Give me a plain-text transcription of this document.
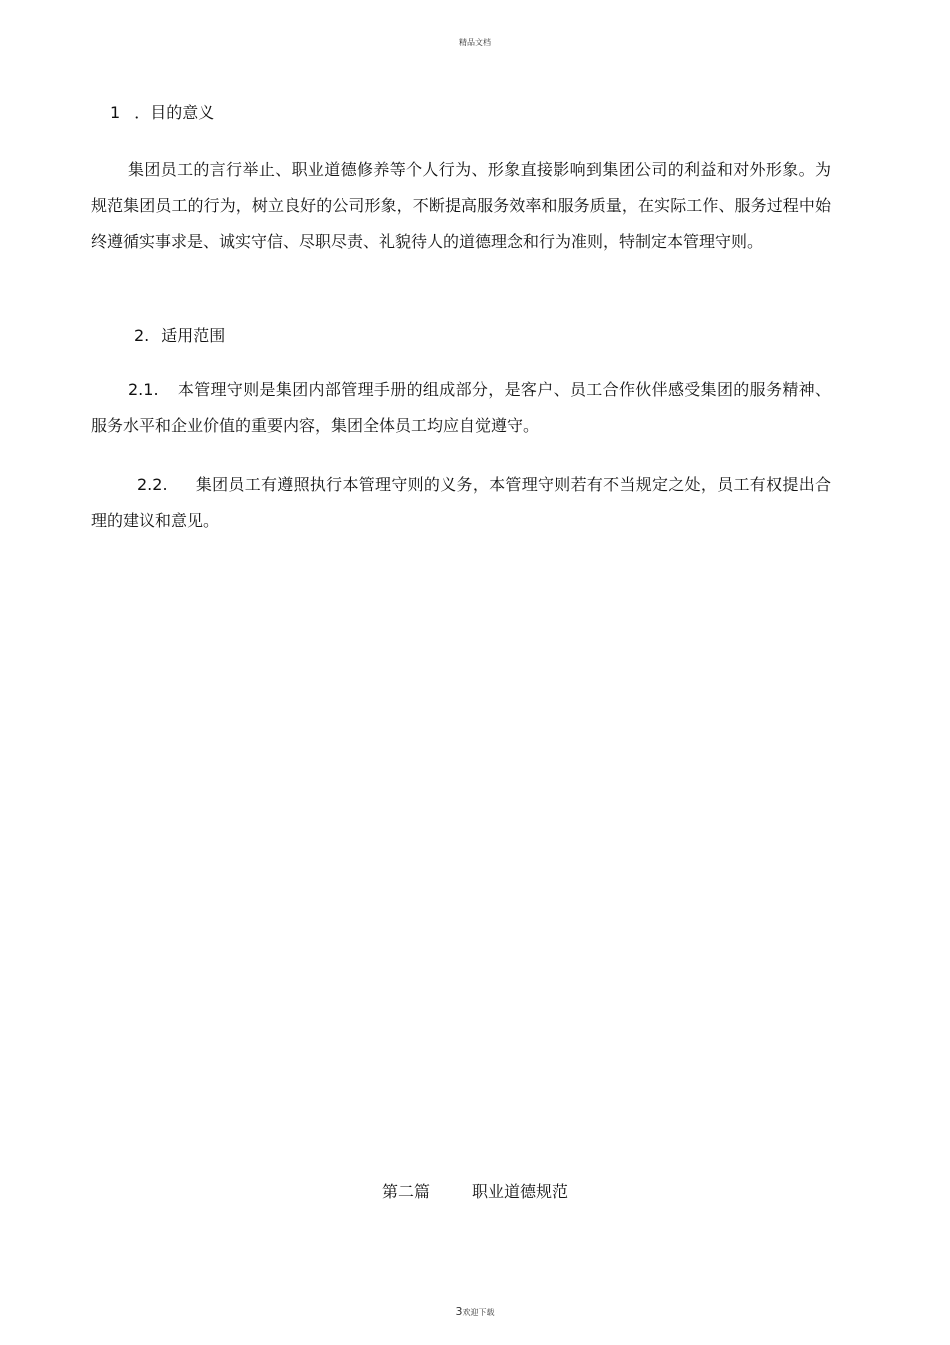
精品文档
1 ．目的意义
集团员工的言行举止、职业道德修养等个人行为、形象直接影响到集团公司的利益和对外形象。为规范集团员工的行为，树立良好的公司形象，不断提高服务效率和服务质量，在实际工作、服务过程中始终遵循实事求是、诚实守信、尽职尽责、礼貌待人的道德理念和行为准则，特制定本管理守则。
2. 适用范围
2.1. 本管理守则是集团内部管理手册的组成部分，是客户、员工合作伙伴感受集团的服务精神、服务水平和企业价值的重要内容，集团全体员工均应自觉遵守。
2.2. 集团员工有遵照执行本管理守则的义务，本管理守则若有不当规定之处，员工有权提出合理的建议和意见。
第二篇	职业道德规范
3欢迎下载
